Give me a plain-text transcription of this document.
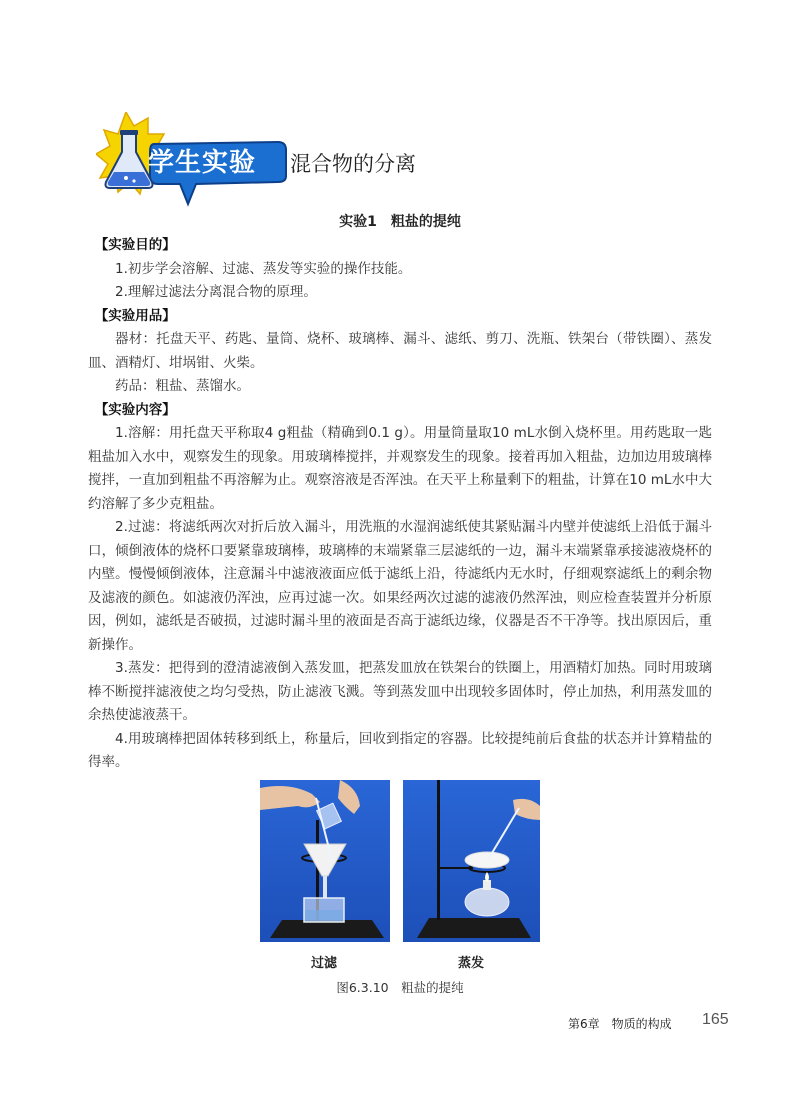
学生实验 混合物的分离
实验1　粗盐的提纯

【实验目的】

1.初步学会溶解、过滤、蒸发等实验的操作技能。

2.理解过滤法分离混合物的原理。

【实验用品】

器材：托盘天平、药匙、量筒、烧杯、玻璃棒、漏斗、滤纸、剪刀、洗瓶、铁架台（带铁圈）、蒸发皿、酒精灯、坩埚钳、火柴。

药品：粗盐、蒸馏水。

【实验内容】

1.溶解：用托盘天平称取4 g粗盐（精确到0.1 g）。用量筒量取10 mL水倒入烧杯里。用药匙取一匙粗盐加入水中，观察发生的现象。用玻璃棒搅拌，并观察发生的现象。接着再加入粗盐，边加边用玻璃棒搅拌，一直加到粗盐不再溶解为止。观察溶液是否浑浊。在天平上称量剩下的粗盐，计算在10 mL水中大约溶解了多少克粗盐。

2.过滤：将滤纸两次对折后放入漏斗，用洗瓶的水湿润滤纸使其紧贴漏斗内壁并使滤纸上沿低于漏斗口，倾倒液体的烧杯口要紧靠玻璃棒，玻璃棒的末端紧靠三层滤纸的一边，漏斗末端紧靠承接滤液烧杯的内壁。慢慢倾倒液体，注意漏斗中滤液液面应低于滤纸上沿，待滤纸内无水时，仔细观察滤纸上的剩余物及滤液的颜色。如滤液仍浑浊，应再过滤一次。如果经两次过滤的滤液仍然浑浊，则应检查装置并分析原因，例如，滤纸是否破损，过滤时漏斗里的液面是否高于滤纸边缘，仪器是否不干净等。找出原因后，重新操作。

3.蒸发：把得到的澄清滤液倒入蒸发皿，把蒸发皿放在铁架台的铁圈上，用酒精灯加热。同时用玻璃棒不断搅拌滤液使之均匀受热，防止滤液飞溅。等到蒸发皿中出现较多固体时，停止加热，利用蒸发皿的余热使滤液蒸干。

4.用玻璃棒把固体转移到纸上，称量后，回收到指定的容器。比较提纯前后食盐的状态并计算精盐的得率。

过滤	蒸发
图6.3.10　粗盐的提纯
第6章　物质的构成 165
